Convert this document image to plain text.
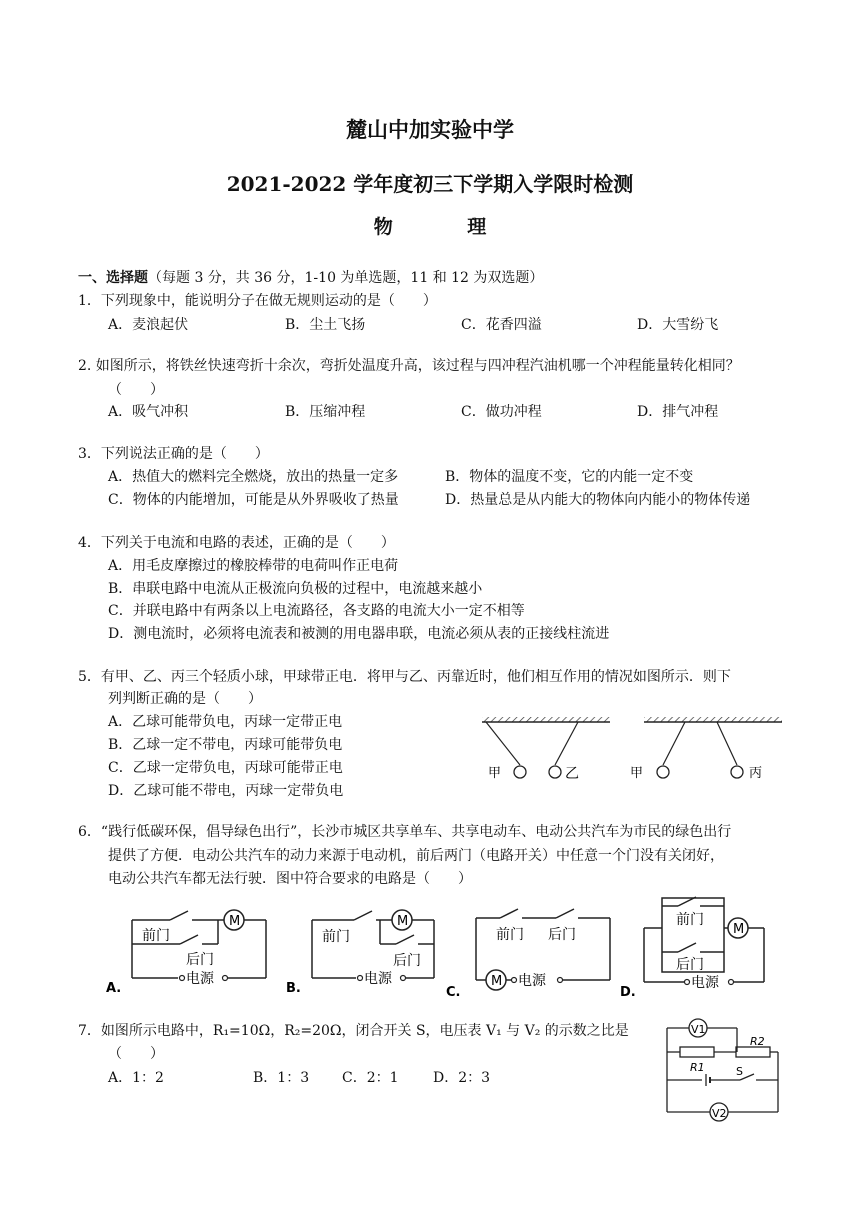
麓山中加实验中学
2021-2022 学年度初三下学期入学限时检测
物 理
一、选择题（每题 3 分，共 36 分，1-10 为单选题，11 和 12 为双选题）
1．下列现象中，能说明分子在做无规则运动的是（　　）
A．麦浪起伏	B．尘土飞扬	C．花香四溢	D．大雪纷飞
2. 如图所示，将铁丝快速弯折十余次，弯折处温度升高，该过程与四冲程汽油机哪一个冲程能量转化相同？
（　　）
A．吸气冲积	B．压缩冲程	C．做功冲程	D．排气冲程
3．下列说法正确的是（　　）
A．热值大的燃料完全燃烧，放出的热量一定多	B．物体的温度不变，它的内能一定不变
C．物体的内能增加，可能是从外界吸收了热量	D．热量总是从内能大的物体向内能小的物体传递
4．下列关于电流和电路的表述，正确的是（　　）
A．用毛皮摩擦过的橡胶棒带的电荷叫作正电荷
B．串联电路中电流从正极流向负极的过程中，电流越来越小
C．并联电路中有两条以上电流路径，各支路的电流大小一定不相等
D．测电流时，必须将电流表和被测的用电器串联，电流必须从表的正接线柱流进
5．有甲、乙、丙三个轻质小球，甲球带正电．将甲与乙、丙靠近时，他们相互作用的情况如图所示．则下
列判断正确的是（　　）
A．乙球可能带负电，丙球一定带正电
B．乙球一定不带电，丙球可能带负电
C．乙球一定带负电，丙球可能带正电
D．乙球可能不带电，丙球一定带负电
甲	乙	甲	丙
6．“践行低碳环保，倡导绿色出行”，长沙市城区共享单车、共享电动车、电动公共汽车为市民的绿色出行
提供了方便．电动公共汽车的动力来源于电动机，前后两门（电路开关）中任意一个门没有关闭好，
电动公共汽车都无法行驶．图中符合要求的电路是（　　）
M
前门
后门
电源
A.
M
前门
后门
电源
B.
前门 后门
M 电源
C.
前门
M
后门
电源
D.
7．如图所示电路中，R₁=10Ω，R₂=20Ω，闭合开关 S，电压表 V₁ 与 V₂ 的示数之比是
（　　）
A．1：2	B．1：3 C．2：1 D．2：3
V1
V2
R1
R2
S
